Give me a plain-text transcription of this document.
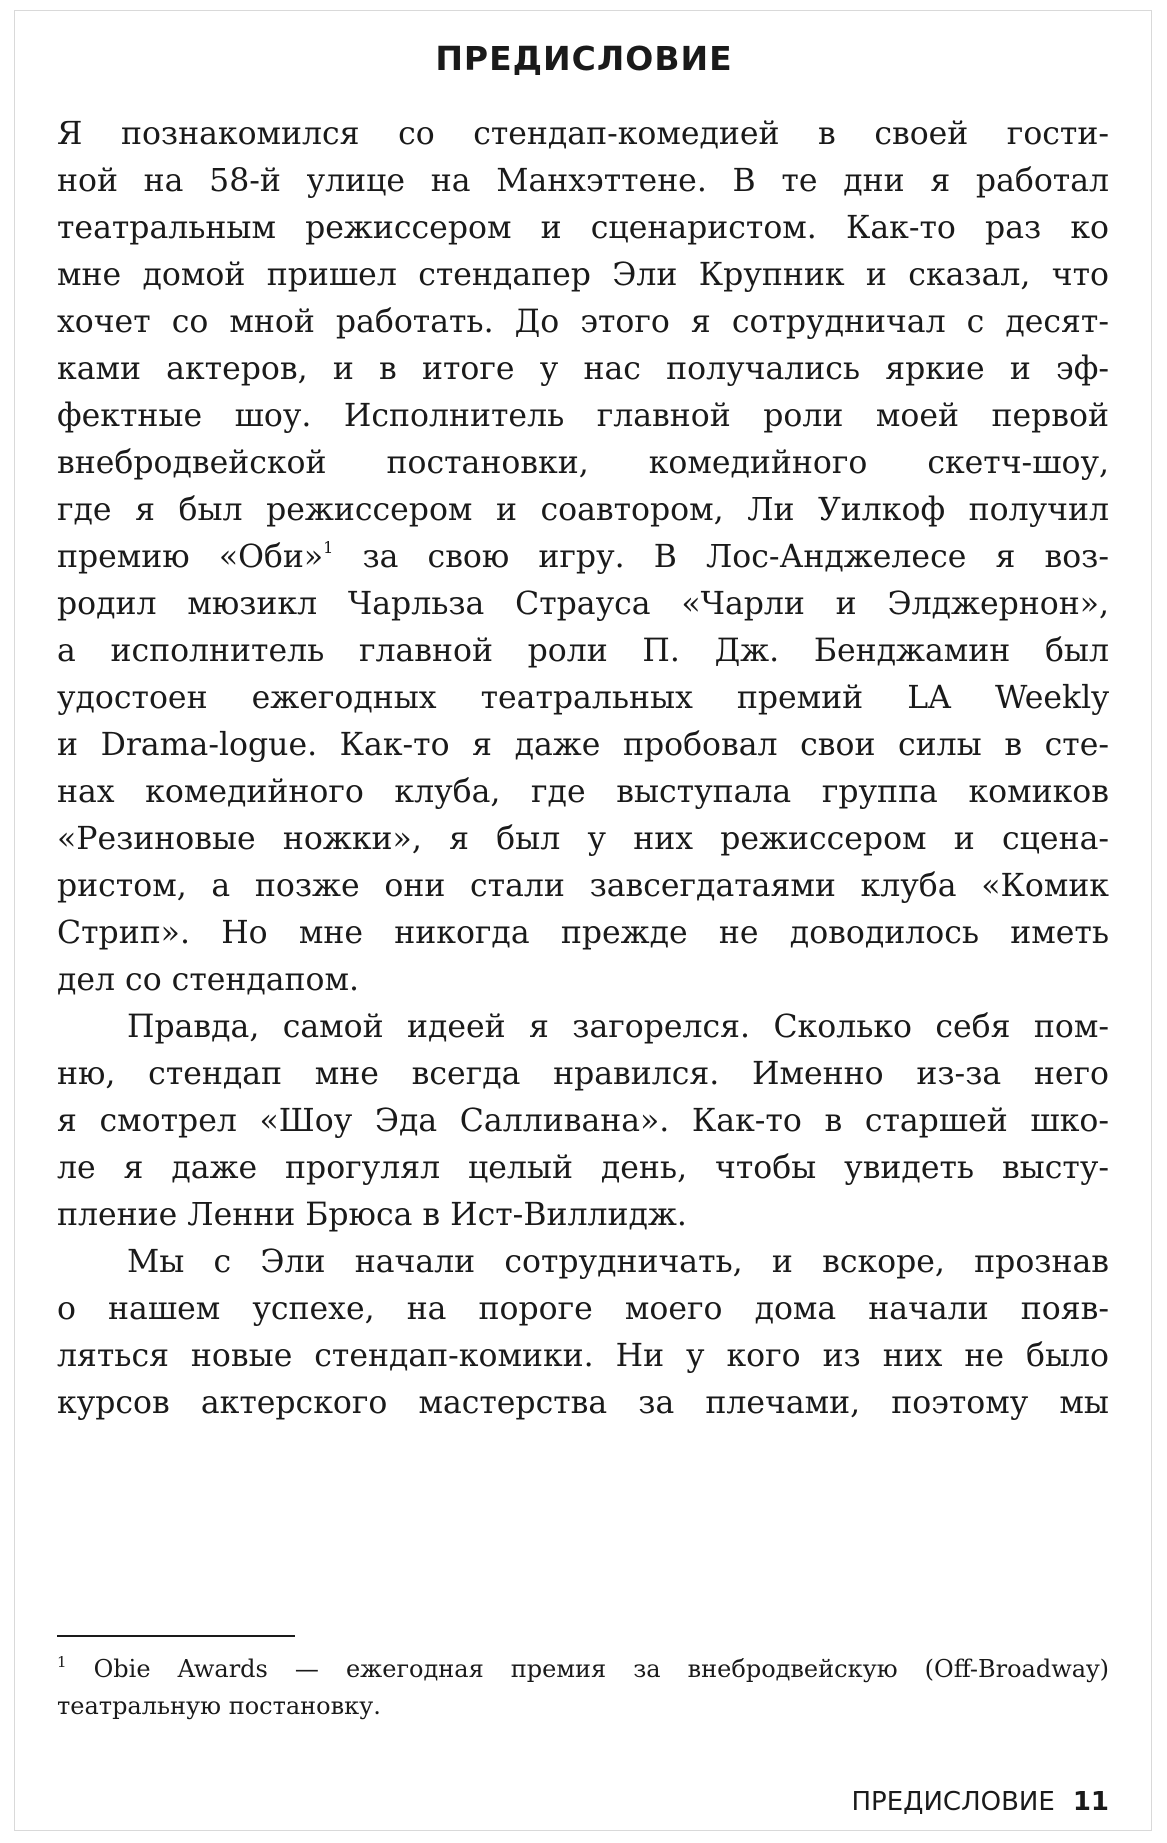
ПРЕДИСЛОВИЕ
Я познакомился со стендап-комедией в своей гости-
ной на 58-й улице на Манхэттене. В те дни я работал
театральным режиссером и сценаристом. Как-то раз ко
мне домой пришел стендапер Эли Крупник и сказал, что
хочет со мной работать. До этого я сотрудничал с десят-
ками актеров, и в итоге у нас получались яркие и эф-
фектные шоу. Исполнитель главной роли моей первой
внебродвейской постановки, комедийного скетч-шоу,
где я был режиссером и соавтором, Ли Уилкоф получил
премию «Оби»$^1$ за свою игру. В Лос-Анджелесе я воз-
родил мюзикл Чарльза Страуса «Чарли и Элджернон»,
а исполнитель главной роли П. Дж. Бенджамин был
удостоен ежегодных театральных премий LA Weekly
и Drama-logue. Как-то я даже пробовал свои силы в сте-
нах комедийного клуба, где выступала группа комиков
«Резиновые ножки», я был у них режиссером и сцена-
ристом, а позже они стали завсегдатаями клуба «Комик
Стрип». Но мне никогда прежде не доводилось иметь
дел со стендапом.
Правда, самой идеей я загорелся. Сколько себя пом-
ню, стендап мне всегда нравился. Именно из-за него
я смотрел «Шоу Эда Салливана». Как-то в старшей шко-
ле я даже прогулял целый день, чтобы увидеть высту-
пление Ленни Брюса в Ист-Виллидж.
Мы с Эли начали сотрудничать, и вскоре, прознав
о нашем успехе, на пороге моего дома начали появ-
ляться новые стендап-комики. Ни у кого из них не было
курсов актерского мастерства за плечами, поэтому мы
$^1$ Obie Awards — ежегодная премия за внебродвейскую (Off-Broadway)
театральную постановку.
ПРЕДИСЛОВИЕ 11
